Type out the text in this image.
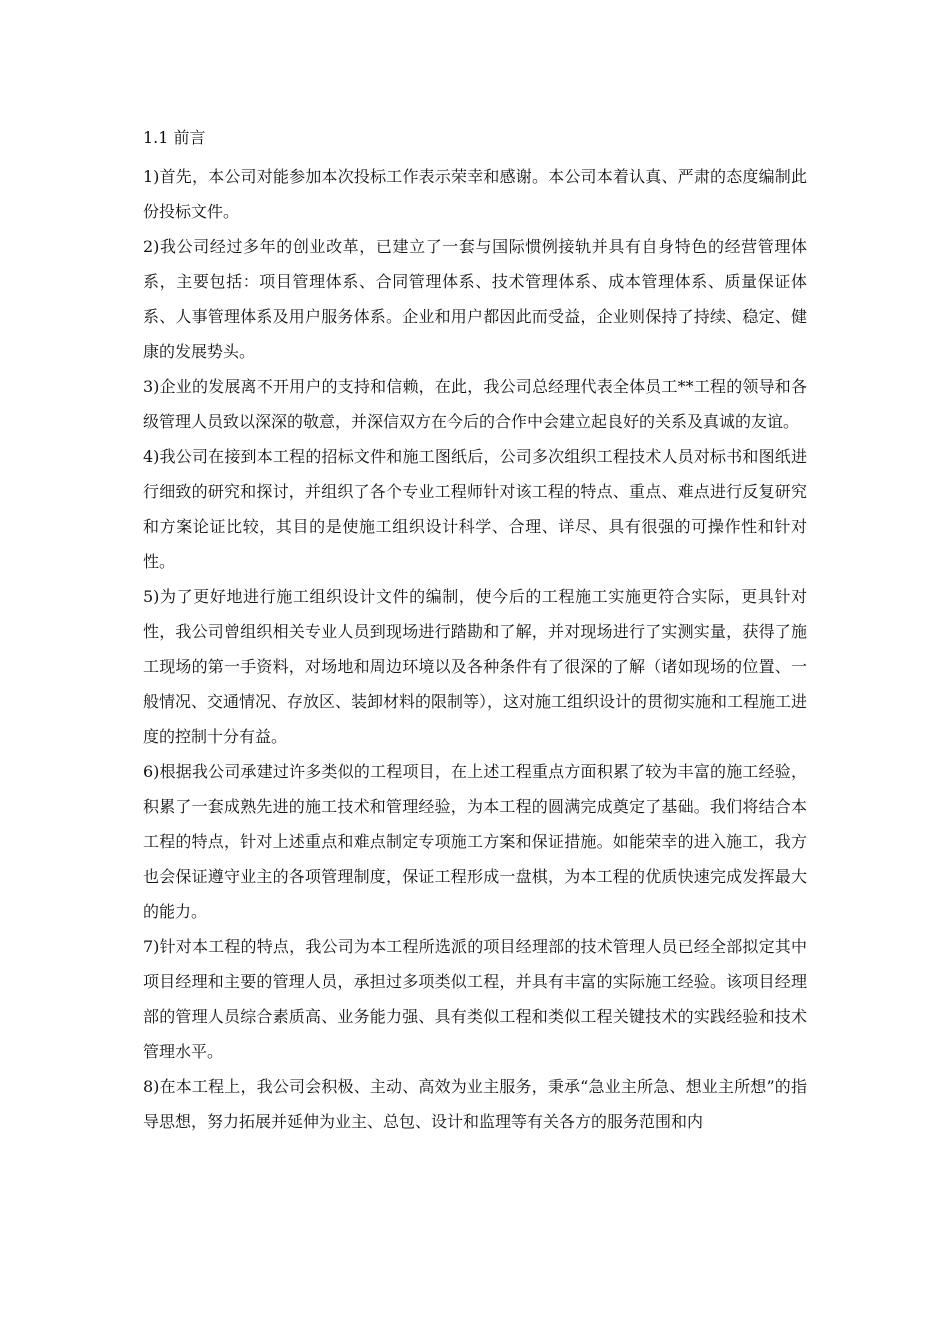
1.1 前言

1)首先，本公司对能参加本次投标工作表示荣幸和感谢。本公司本着认真、严肃的态度编制此份投标文件。

2)我公司经过多年的创业改革，已建立了一套与国际惯例接轨并具有自身特色的经营管理体系，主要包括：项目管理体系、合同管理体系、技术管理体系、成本管理体系、质量保证体系、人事管理体系及用户服务体系。企业和用户都因此而受益，企业则保持了持续、稳定、健康的发展势头。

3)企业的发展离不开用户的支持和信赖，在此，我公司总经理代表全体员工**工程的领导和各级管理人员致以深深的敬意，并深信双方在今后的合作中会建立起良好的关系及真诚的友谊。

4)我公司在接到本工程的招标文件和施工图纸后，公司多次组织工程技术人员对标书和图纸进行细致的研究和探讨，并组织了各个专业工程师针对该工程的特点、重点、难点进行反复研究和方案论证比较，其目的是使施工组织设计科学、合理、详尽、具有很强的可操作性和针对性。

5)为了更好地进行施工组织设计文件的编制，使今后的工程施工实施更符合实际，更具针对性，我公司曾组织相关专业人员到现场进行踏勘和了解，并对现场进行了实测实量，获得了施工现场的第一手资料，对场地和周边环境以及各种条件有了很深的了解（诸如现场的位置、一般情况、交通情况、存放区、装卸材料的限制等），这对施工组织设计的贯彻实施和工程施工进度的控制十分有益。

6)根据我公司承建过许多类似的工程项目，在上述工程重点方面积累了较为丰富的施工经验，积累了一套成熟先进的施工技术和管理经验，为本工程的圆满完成奠定了基础。我们将结合本工程的特点，针对上述重点和难点制定专项施工方案和保证措施。如能荣幸的进入施工，我方也会保证遵守业主的各项管理制度，保证工程形成一盘棋，为本工程的优质快速完成发挥最大的能力。

7)针对本工程的特点，我公司为本工程所选派的项目经理部的技术管理人员已经全部拟定其中项目经理和主要的管理人员，承担过多项类似工程，并具有丰富的实际施工经验。该项目经理部的管理人员综合素质高、业务能力强、具有类似工程和类似工程关键技术的实践经验和技术管理水平。

8)在本工程上，我公司会积极、主动、高效为业主服务，秉承“急业主所急、想业主所想”的指导思想，努力拓展并延伸为业主、总包、设计和监理等有关各方的服务范围和内
